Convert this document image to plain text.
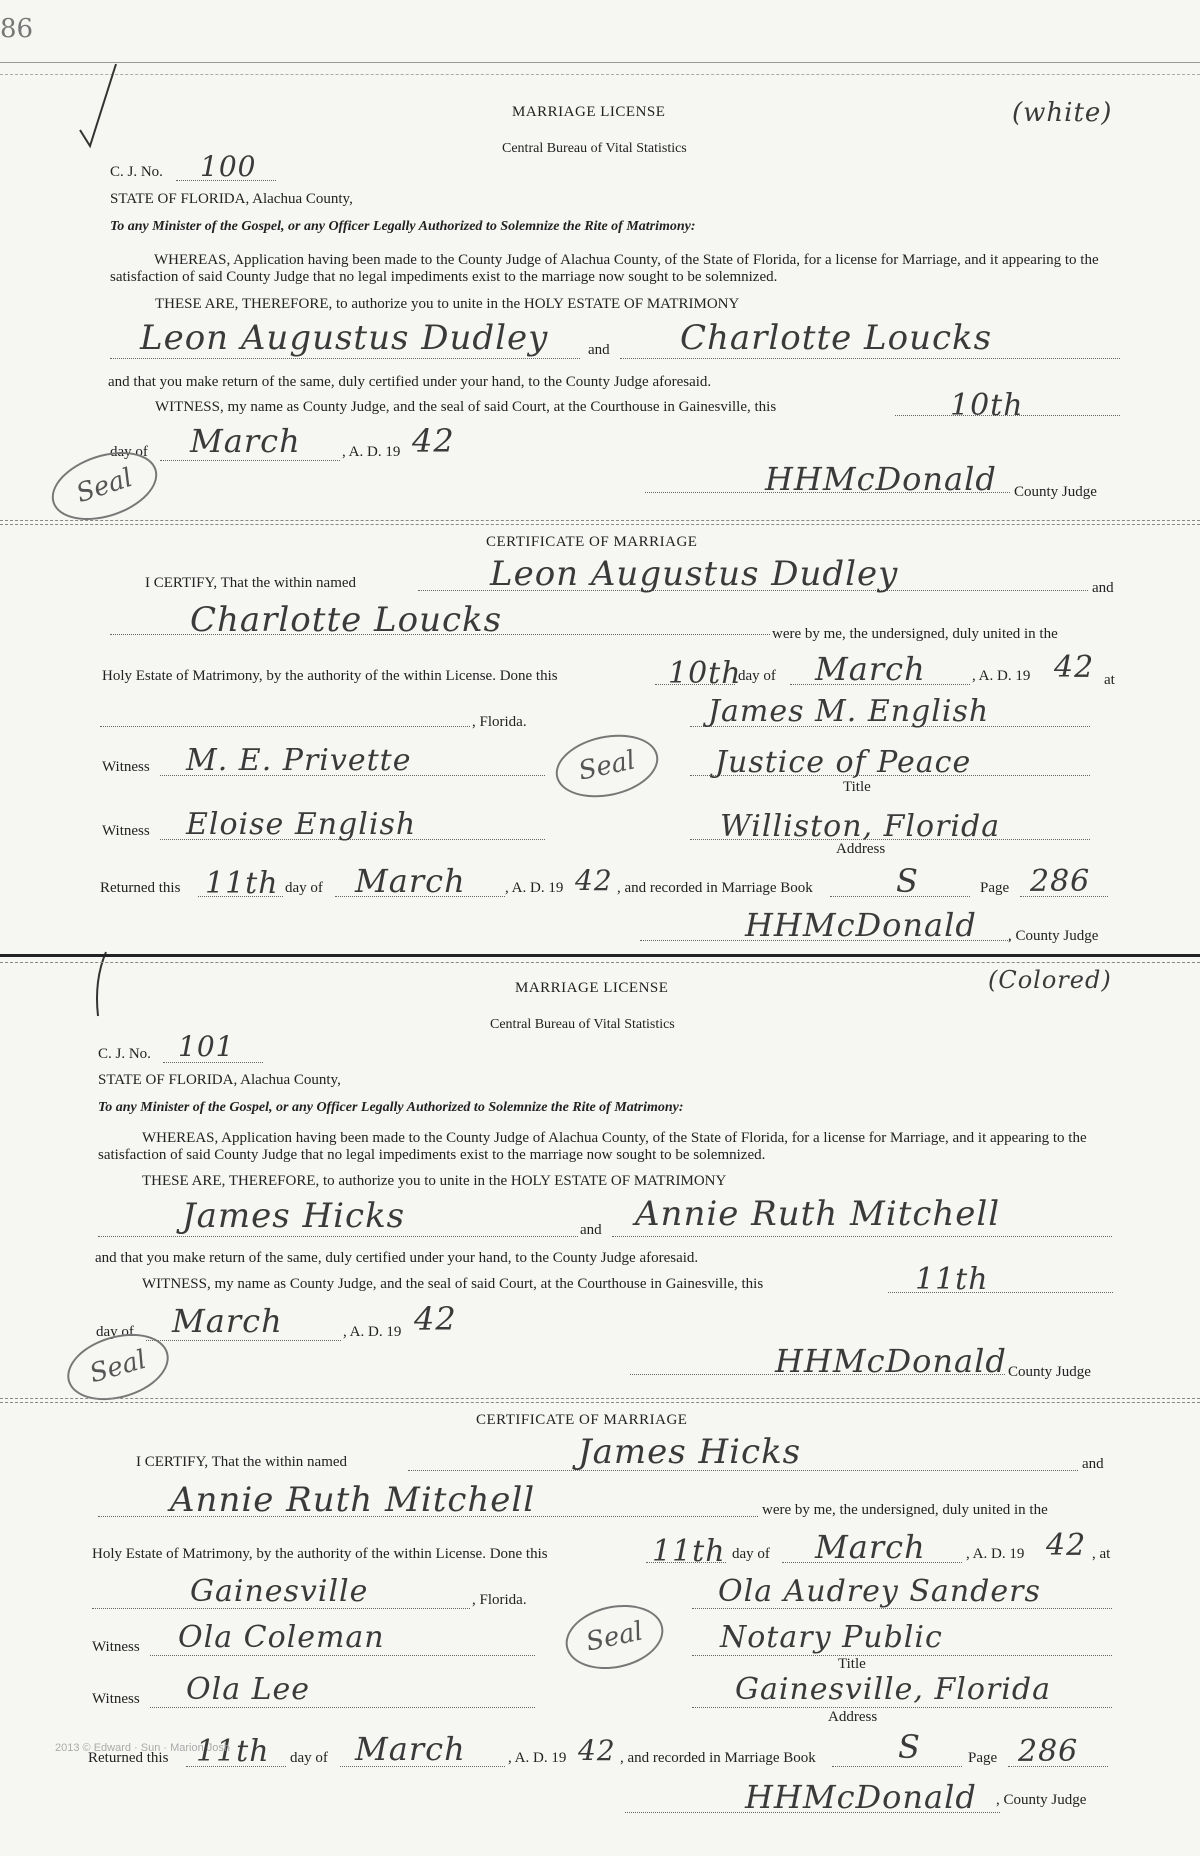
86
MARRIAGE LICENSE	(white)
Central Bureau of Vital Statistics
C. J. No. 100
STATE OF FLORIDA, Alachua County,
To any Minister of the Gospel, or any Officer Legally Authorized to Solemnize the Rite of Matrimony:
WHEREAS, Application having been made to the County Judge of Alachua County, of the State of Florida, for a license for Marriage, and it appearing to the satisfaction of said County Judge that no legal impediments exist to the marriage now sought to be solemnized.
THESE ARE, THEREFORE, to authorize you to unite in the HOLY ESTATE OF MATRIMONY
Leon Augustus Dudley	and Charlotte Loucks
and that you make return of the same, duly certified under your hand, to the County Judge aforesaid.
WITNESS, my name as County Judge, and the seal of said Court, at the Courthouse in Gainesville, this	10th
day of March	, A. D. 19 42
Seal	HHMcDonald County Judge
CERTIFICATE OF MARRIAGE
I CERTIFY, That the within named	Leon Augustus Dudley	and
Charlotte Loucks	were by me, the undersigned, duly united in the
Holy Estate of Matrimony, by the authority of the within License. Done this	10th
day of March	, A. D. 19 42 at
, Florida.	James M. English
Witness M. E. Privette	Seal	Justice of Peace
Title
Witness Eloise English	Williston, Florida
Address
Returned this 11th day of March	, A. D. 19 42 , and recorded in Marriage Book	S	Page 286
HHMcDonald , County Judge
MARRIAGE LICENSE	(Colored)
Central Bureau of Vital Statistics
C. J. No. 101
STATE OF FLORIDA, Alachua County,
To any Minister of the Gospel, or any Officer Legally Authorized to Solemnize the Rite of Matrimony:
WHEREAS, Application having been made to the County Judge of Alachua County, of the State of Florida, for a license for Marriage, and it appearing to the satisfaction of said County Judge that no legal impediments exist to the marriage now sought to be solemnized.
THESE ARE, THEREFORE, to authorize you to unite in the HOLY ESTATE OF MATRIMONY
James Hicks	and Annie Ruth Mitchell
and that you make return of the same, duly certified under your hand, to the County Judge aforesaid.
WITNESS, my name as County Judge, and the seal of said Court, at the Courthouse in Gainesville, this	11th
day of March	, A. D. 19 42
Seal	HHMcDonald County Judge
CERTIFICATE OF MARRIAGE
I CERTIFY, That the within named	James Hicks	and
Annie Ruth Mitchell	were by me, the undersigned, duly united in the
Holy Estate of Matrimony, by the authority of the within License. Done this	11th day of March	, A. D. 19 42 , at
Gainesville	, Florida.	Ola Audrey Sanders
Witness Ola Coleman	Seal	Notary Public
Title
Witness Ola Lee	Gainesville, Florida
Address
Returned this 11th day of March	, A. D. 19 42 , and recorded in Marriage Book	S	Page 286
HHMcDonald , County Judge
2013 © Edward · Sun · Marion Josh
